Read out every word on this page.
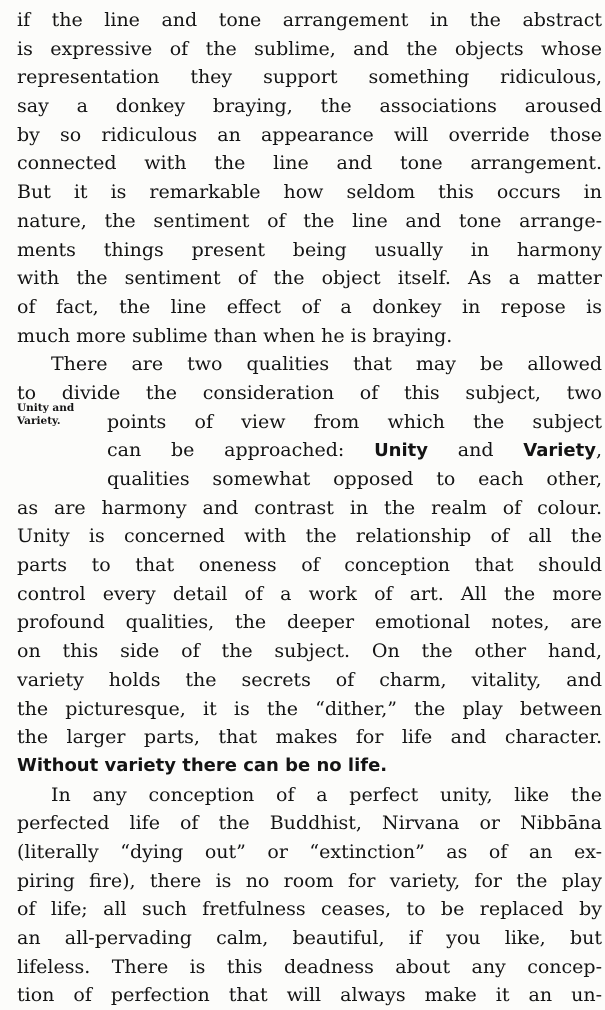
Unity and
Variety.
if the line and tone arrangement in the abstract
is expressive of the sublime, and the objects whose
representation they support something ridiculous,
say a donkey braying, the associations aroused
by so ridiculous an appearance will override those
connected with the line and tone arrangement.
But it is remarkable how seldom this occurs in
nature, the sentiment of the line and tone arrange-
ments things present being usually in harmony
with the sentiment of the object itself. As a matter
of fact, the line effect of a donkey in repose is
much more sublime than when he is braying.
There are two qualities that may be allowed
to divide the consideration of this subject, two
points of view from which the subject
can be approached: Unity and Variety,
qualities somewhat opposed to each other,
as are harmony and contrast in the realm of colour.
Unity is concerned with the relationship of all the
parts to that oneness of conception that should
control every detail of a work of art. All the more
profound qualities, the deeper emotional notes, are
on this side of the subject. On the other hand,
variety holds the secrets of charm, vitality, and
the picturesque, it is the “dither,” the play between
the larger parts, that makes for life and character.
Without variety there can be no life.
In any conception of a perfect unity, like the
perfected life of the Buddhist, Nirvana or Nibbāna
(literally “dying out” or “extinction” as of an ex-
piring fire), there is no room for variety, for the play
of life; all such fretfulness ceases, to be replaced by
an all-pervading calm, beautiful, if you like, but
lifeless. There is this deadness about any concep-
tion of perfection that will always make it an un-
